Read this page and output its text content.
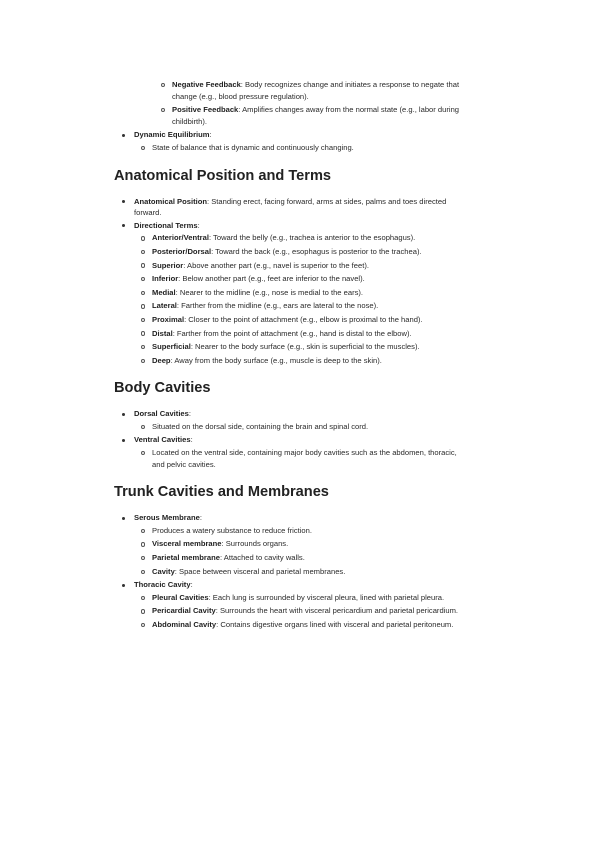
Negative Feedback: Body recognizes change and initiates a response to negate that change (e.g., blood pressure regulation).
Positive Feedback: Amplifies changes away from the normal state (e.g., labor during childbirth).
Dynamic Equilibrium:
State of balance that is dynamic and continuously changing.
Anatomical Position and Terms
Anatomical Position: Standing erect, facing forward, arms at sides, palms and toes directed forward.
Directional Terms:
Anterior/Ventral: Toward the belly (e.g., trachea is anterior to the esophagus).
Posterior/Dorsal: Toward the back (e.g., esophagus is posterior to the trachea).
Superior: Above another part (e.g., navel is superior to the feet).
Inferior: Below another part (e.g., feet are inferior to the navel).
Medial: Nearer to the midline (e.g., nose is medial to the ears).
Lateral: Farther from the midline (e.g., ears are lateral to the nose).
Proximal: Closer to the point of attachment (e.g., elbow is proximal to the hand).
Distal: Farther from the point of attachment (e.g., hand is distal to the elbow).
Superficial: Nearer to the body surface (e.g., skin is superficial to the muscles).
Deep: Away from the body surface (e.g., muscle is deep to the skin).
Body Cavities
Dorsal Cavities:
Situated on the dorsal side, containing the brain and spinal cord.
Ventral Cavities:
Located on the ventral side, containing major body cavities such as the abdomen, thoracic, and pelvic cavities.
Trunk Cavities and Membranes
Serous Membrane:
Produces a watery substance to reduce friction.
Visceral membrane: Surrounds organs.
Parietal membrane: Attached to cavity walls.
Cavity: Space between visceral and parietal membranes.
Thoracic Cavity:
Pleural Cavities: Each lung is surrounded by visceral pleura, lined with parietal pleura.
Pericardial Cavity: Surrounds the heart with visceral pericardium and parietal pericardium.
Abdominal Cavity: Contains digestive organs lined with visceral and parietal peritoneum.
